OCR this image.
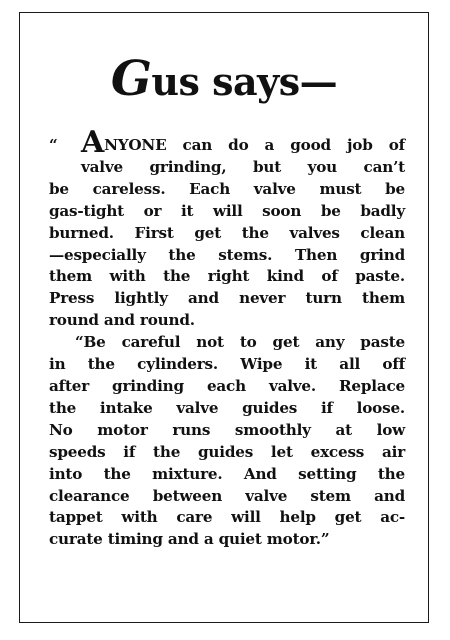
Gus says—
“ ANYONE can do a good job of
valve grinding, but you can’t
be careless. Each valve must be
gas-tight or it will soon be badly
burned. First get the valves clean
—especially the stems. Then grind
them with the right kind of paste.
Press lightly and never turn them
round and round.
“Be careful not to get any paste
in the cylinders. Wipe it all off
after grinding each valve. Replace
the intake valve guides if loose.
No motor runs smoothly at low
speeds if the guides let excess air
into the mixture. And setting the
clearance between valve stem and
tappet with care will help get ac-
curate timing and a quiet motor.”
